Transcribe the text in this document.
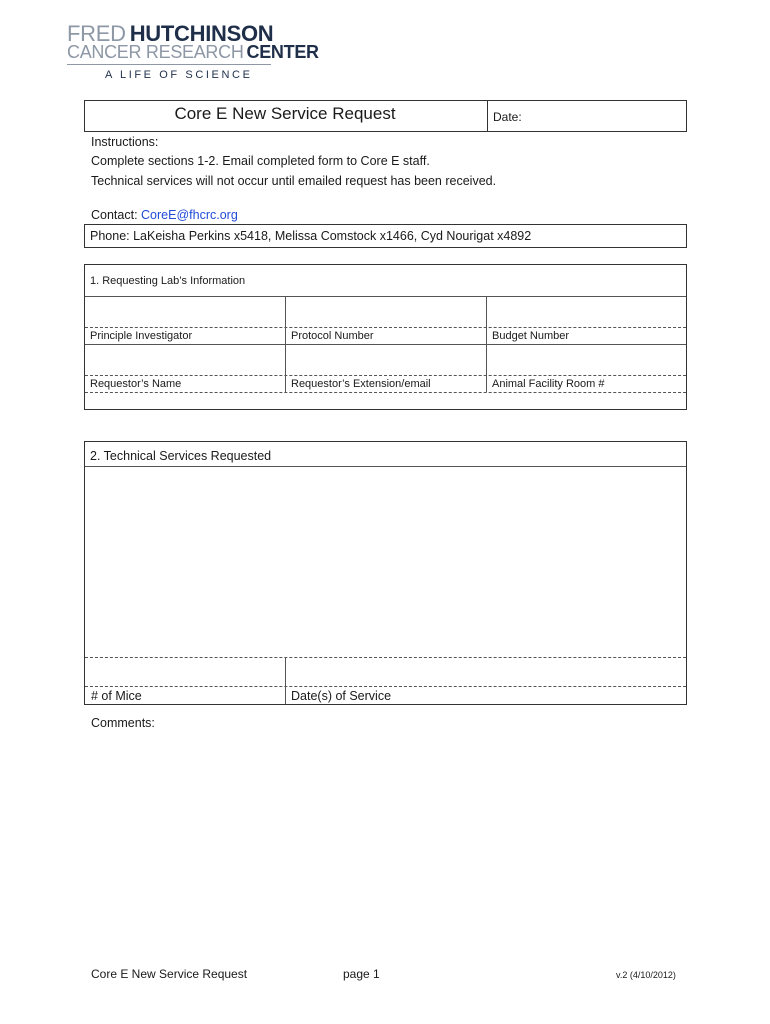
FRED HUTCHINSON
CANCER RESEARCH CENTER
A LIFE OF SCIENCE
Core E New Service Request	Date:
Instructions:
Complete sections 1-2. Email completed form to Core E staff.
Technical services will not occur until emailed request has been received.
Contact: CoreE@fhcrc.org
Phone: LaKeisha Perkins x5418, Melissa Comstock x1466, Cyd Nourigat x4892
1. Requesting Lab’s Information
Principle Investigator	Protocol Number	Budget Number
Requestor’s Name	Requestor’s Extension/email	Animal Facility Room #
2. Technical Services Requested
# of Mice	Date(s) of Service
Comments:
Core E New Service Request	page 1	v.2 (4/10/2012)
